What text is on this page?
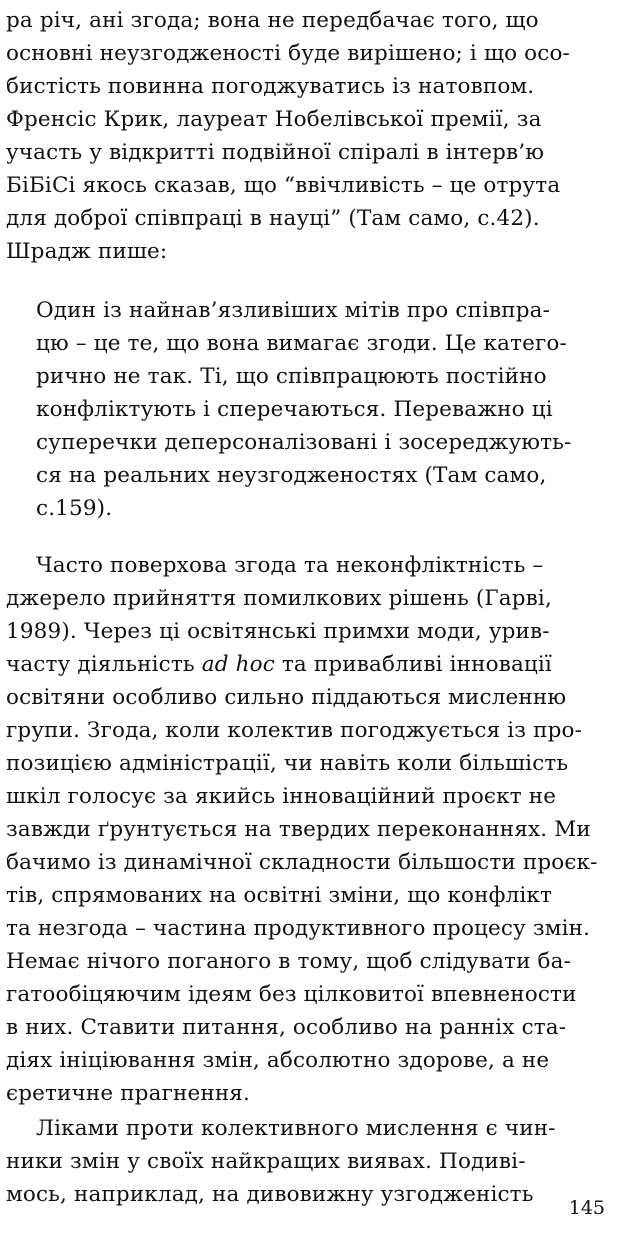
ра річ, ані згода; вона не передбачає того, що
основні неузгодженості буде вирішено; і що осо-
бистість повинна погоджуватись із натовпом.
Френсіс Крик, лауреат Нобелівської премії, за
участь у відкритті подвійної спіралі в інтерв’ю
БіБіСі якось сказав, що “ввічливість – це отрута
для доброї співпраці в науці” (Там само, с.42).
Шрадж пише:
Один із найнав’язливіших мітів про співпра-
цю – це те, що вона вимагає згоди. Це катего-
рично не так. Ті, що співпрацюють постійно
конфліктують і сперечаються. Переважно ці
суперечки деперсоналізовані і зосереджують-
ся на реальних неузгодженостях (Там само,
с.159).
Часто поверхова згода та неконфліктність –
джерело прийняття помилкових рішень (Гарві,
1989). Через ці освітянські примхи моди, урив-
часту діяльність ad hoc та привабливі інновації
освітяни особливо сильно піддаються мисленню
групи. Згода, коли колектив погоджується із про-
позицією адміністрації, чи навіть коли більшість
шкіл голосує за якийсь інноваційний проєкт не
завжди ґрунтується на твердих переконаннях. Ми
бачимо із динамічної складности більшости проєк-
тів, спрямованих на освітні зміни, що конфлікт
та незгода – частина продуктивного процесу змін.
Немає нічого поганого в тому, щоб слідувати ба-
гатообіцяючим ідеям без цілковитої впевнености
в них. Ставити питання, особливо на ранніх ста-
діях ініціювання змін, абсолютно здорове, а не
єретичне прагнення.
Ліками проти колективного мислення є чин-
ники змін у своїх найкращих виявах. Подиві-
мось, наприклад, на дивовижну узгодженість
145
